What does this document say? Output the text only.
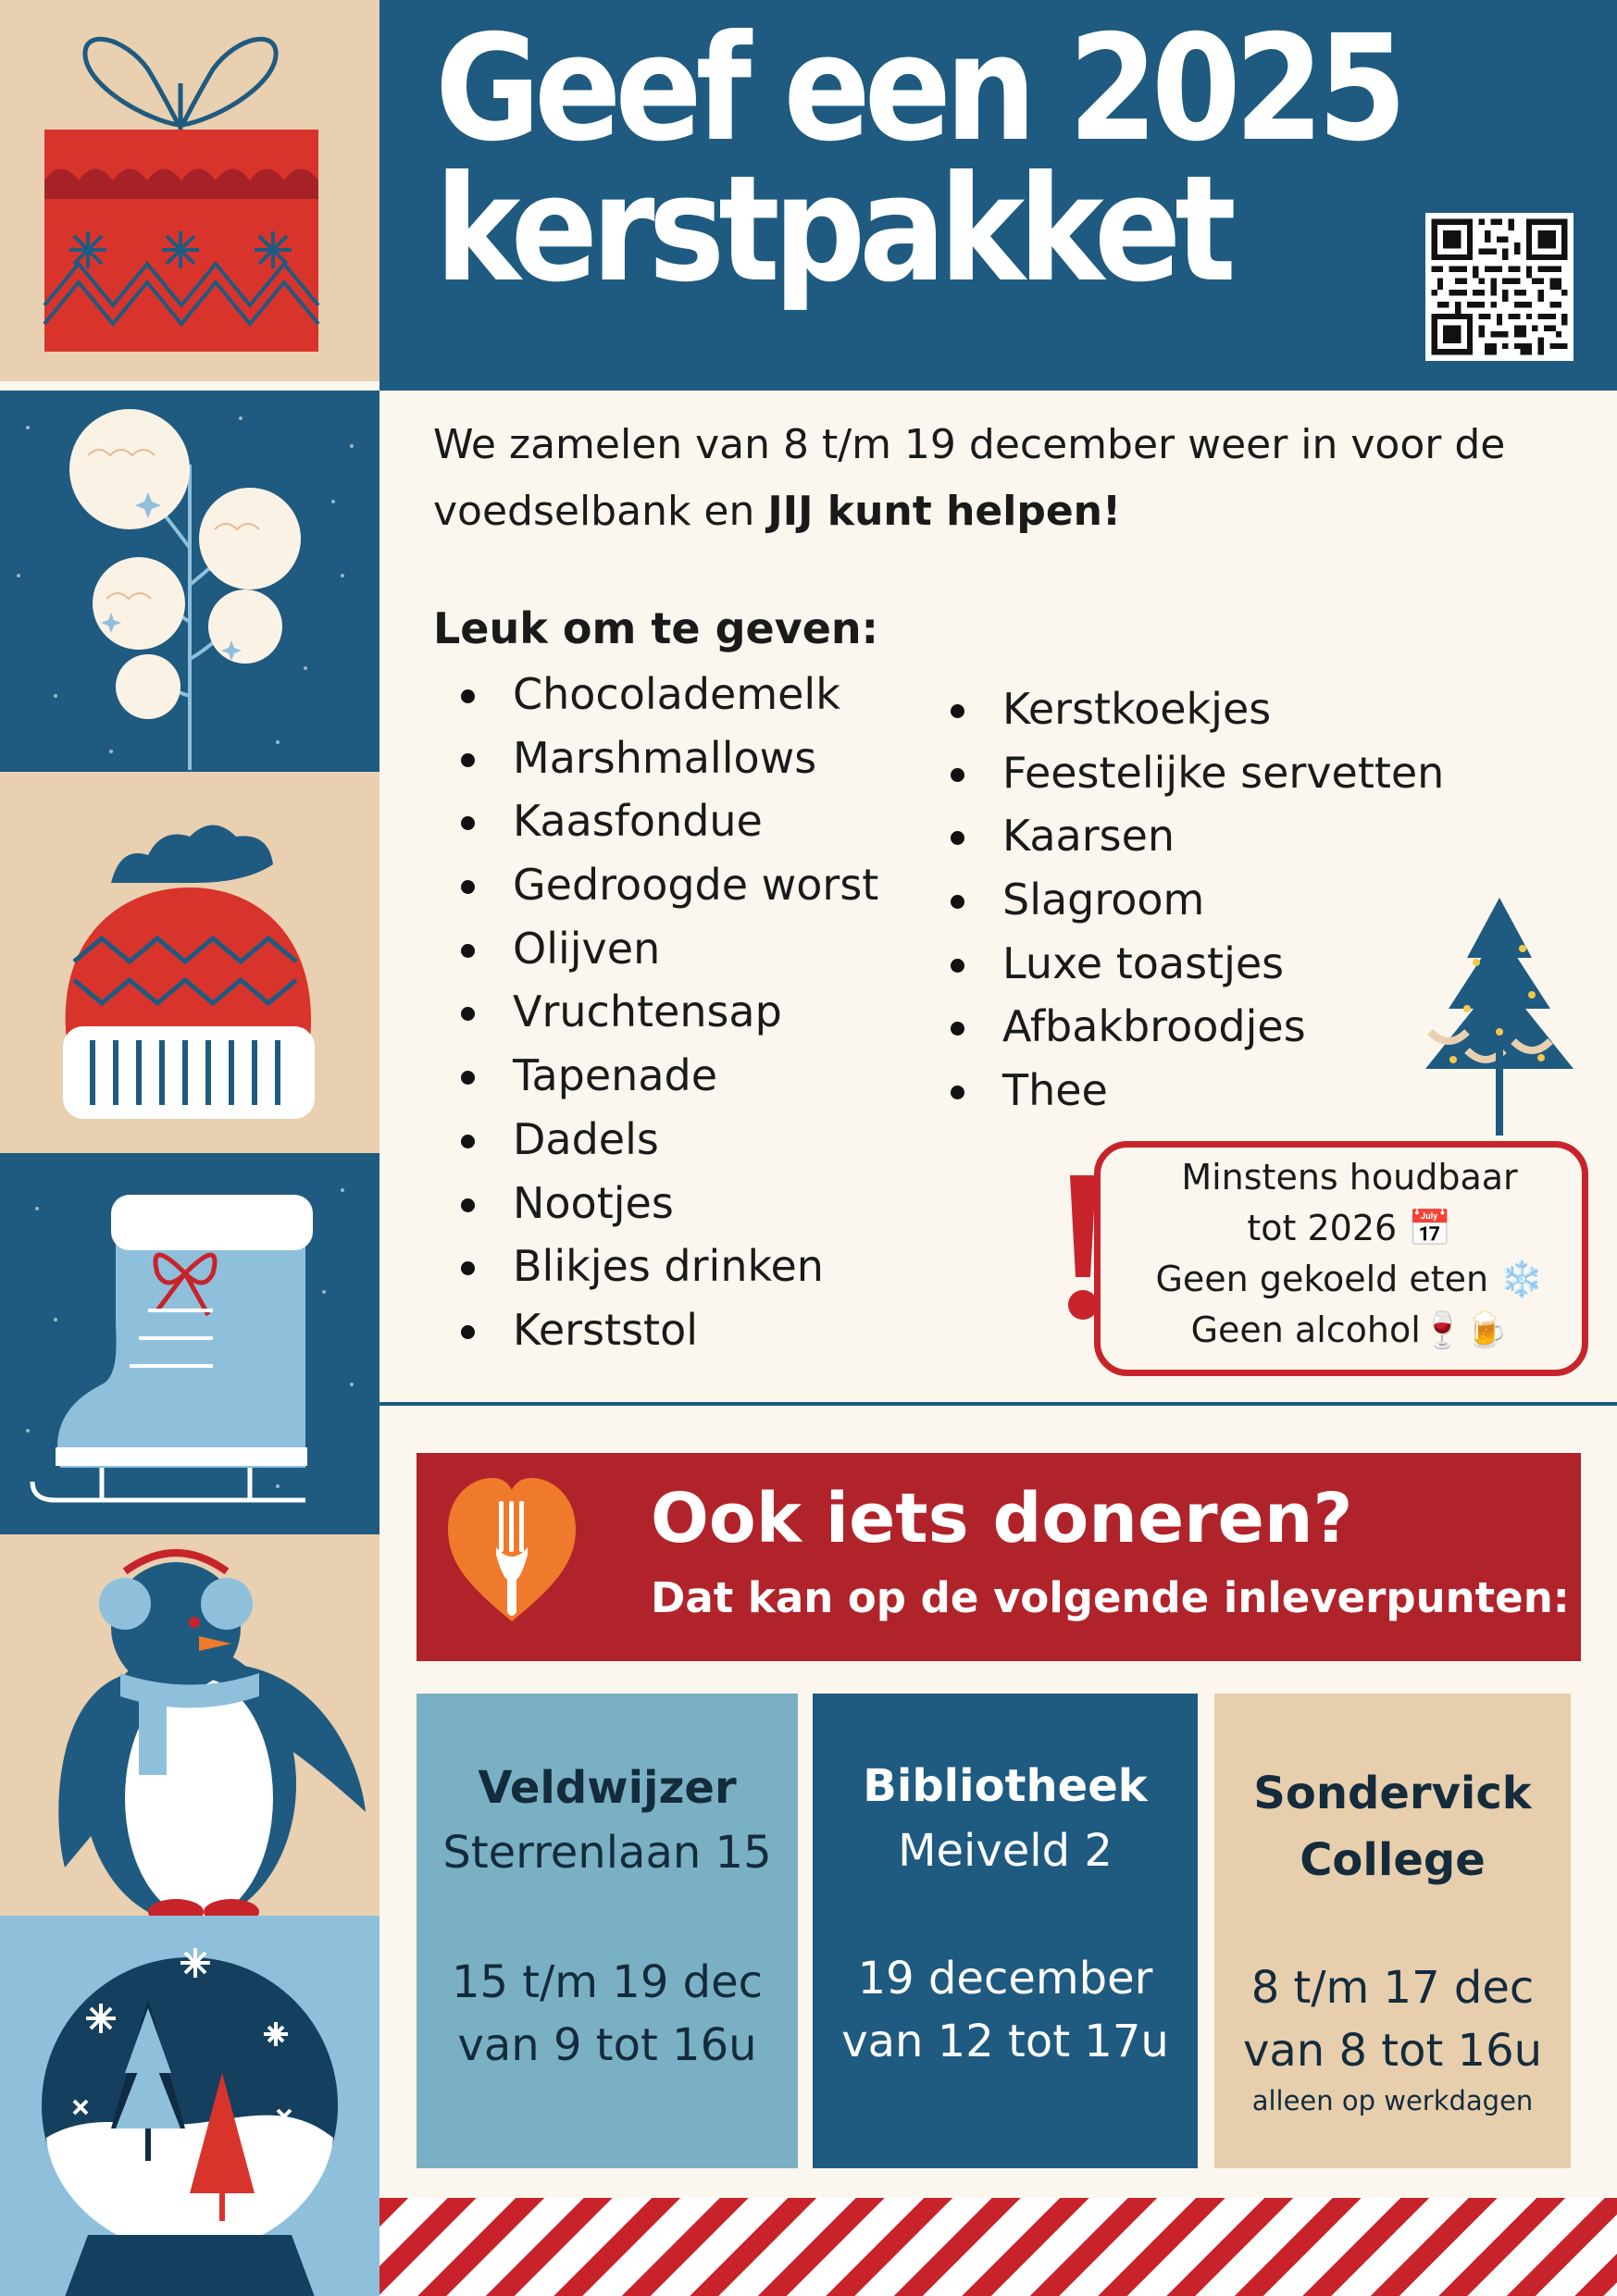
Geef een 2025
kerstpakket

We zamelen van 8 t/m 19 december weer in voor de voedselbank en JIJ kunt helpen!

Leuk om te geven:

Chocolademelk
Marshmallows
Kaasfondue
Gedroogde worst
Olijven
Vruchtensap
Tapenade
Dadels
Nootjes
Blikjes drinken
Kerststol
Kerstkoekjes
Feestelijke servetten
Kaarsen
Slagroom
Luxe toastjes
Afbakbroodjes
Thee
Minstens houdbaar
tot 2026 📅
Geen gekoeld eten ❄️
Geen alcohol🍷🍺
Ook iets doneren?
Dat kan op de volgende inleverpunten:
Veldwijzer
Sterrenlaan 15
15 t/m 19 dec
van 9 tot 16u
Bibliotheek
Meiveld 2
19 december
van 12 tot 17u
Sondervick
College
8 t/m 17 dec
van 8 tot 16u
alleen op werkdagen
